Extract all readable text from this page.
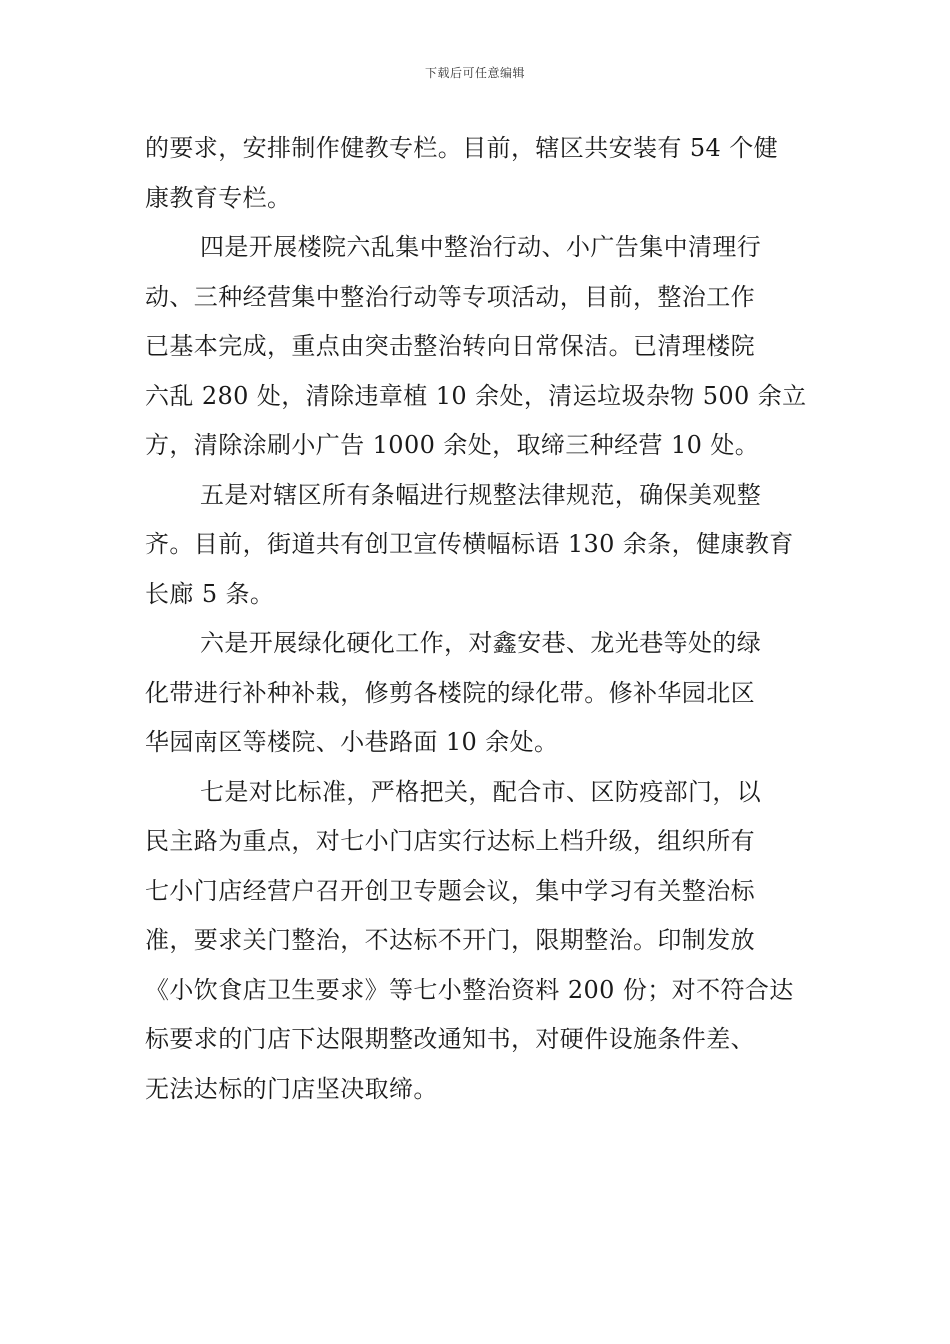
下载后可任意编辑
的要求，安排制作健教专栏。目前，辖区共安装有 54 个健
康教育专栏。
四是开展楼院六乱集中整治行动、小广告集中清理行
动、三种经营集中整治行动等专项活动，目前，整治工作
已基本完成，重点由突击整治转向日常保洁。已清理楼院
六乱 280 处，清除违章植 10 余处，清运垃圾杂物 500 余立
方，清除涂刷小广告 1000 余处，取缔三种经营 10 处。
五是对辖区所有条幅进行规整法律规范，确保美观整
齐。目前，街道共有创卫宣传横幅标语 130 余条，健康教育
长廊 5 条。
六是开展绿化硬化工作，对鑫安巷、龙光巷等处的绿
化带进行补种补栽，修剪各楼院的绿化带。修补华园北区
华园南区等楼院、小巷路面 10 余处。
七是对比标准，严格把关，配合市、区防疫部门，以
民主路为重点，对七小门店实行达标上档升级，组织所有
七小门店经营户召开创卫专题会议，集中学习有关整治标
准，要求关门整治，不达标不开门，限期整治。印制发放
《小饮食店卫生要求》等七小整治资料 200 份；对不符合达
标要求的门店下达限期整改通知书，对硬件设施条件差、
无法达标的门店坚决取缔。
